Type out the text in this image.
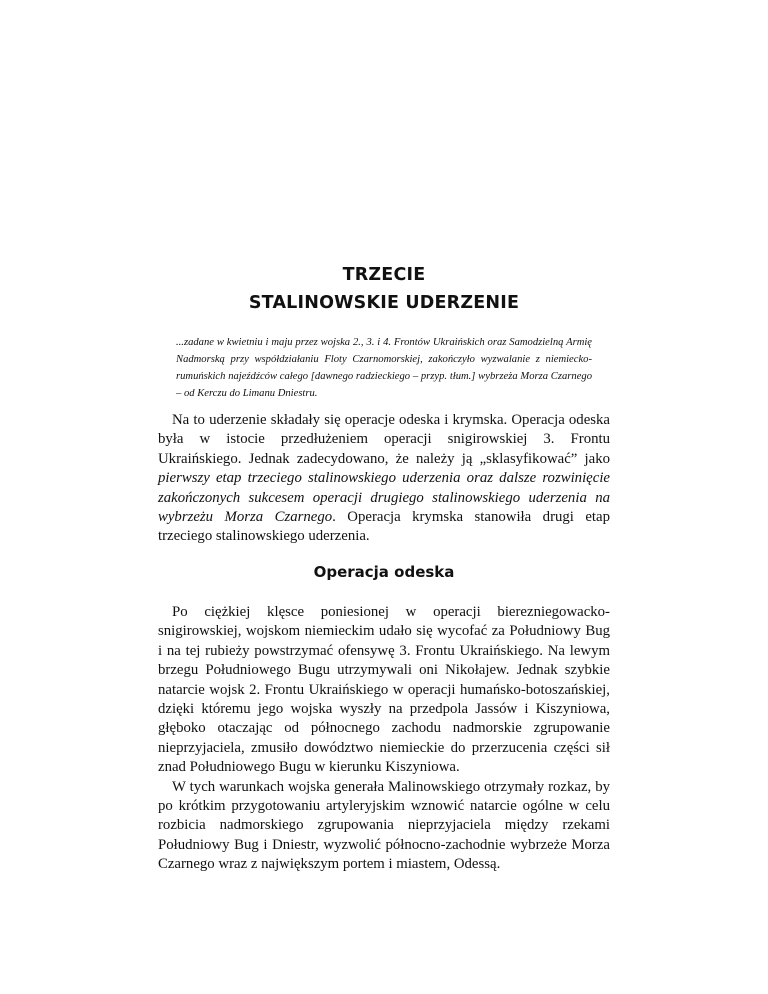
TRZECIE
STALINOWSKIE UDERZENIE
...zadane w kwietniu i maju przez wojska 2., 3. i 4. Frontów Ukraińskich oraz Samodzielną Armię Nadmorską przy współdziałaniu Floty Czarnomorskiej, zakończyło wyzwalanie z niemiecko-rumuńskich najeźdźców całego [dawnego radzieckiego – przyp. tłum.] wybrzeża Morza Czarnego – od Kerczu do Limanu Dniestru.

Na to uderzenie składały się operacje odeska i krymska. Operacja odeska była w istocie przedłużeniem operacji snigirowskiej 3. Frontu Ukraińskiego. Jednak zadecydowano, że należy ją „sklasyfikować” jako pierwszy etap trzeciego stalinowskiego uderzenia oraz dalsze rozwinięcie zakończonych sukcesem operacji drugiego stalinowskiego uderzenia na wybrzeżu Morza Czarnego. Operacja krymska stanowiła drugi etap trzeciego stalinowskiego uderzenia.

Operacja odeska

Po ciężkiej klęsce poniesionej w operacji bierezniegowacko-snigirowskiej, wojskom niemieckim udało się wycofać za Południowy Bug i na tej rubieży powstrzymać ofensywę 3. Frontu Ukraińskiego. Na lewym brzegu Południowego Bugu utrzymywali oni Nikołajew. Jednak szybkie natarcie wojsk 2. Frontu Ukraińskiego w operacji humańsko-botoszańskiej, dzięki któremu jego wojska wyszły na przedpola Jassów i Kiszyniowa, głęboko otaczając od północnego zachodu nadmorskie zgrupowanie nieprzyjaciela, zmusiło dowództwo niemieckie do przerzucenia części sił znad Południowego Bugu w kierunku Kiszyniowa.

W tych warunkach wojska generała Malinowskiego otrzymały rozkaz, by po krótkim przygotowaniu artyleryjskim wznowić natarcie ogólne w celu rozbicia nadmorskiego zgrupowania nieprzyjaciela między rzekami Południowy Bug i Dniestr, wyzwolić północno-zachodnie wybrzeże Morza Czarnego wraz z największym portem i miastem, Odessą.
